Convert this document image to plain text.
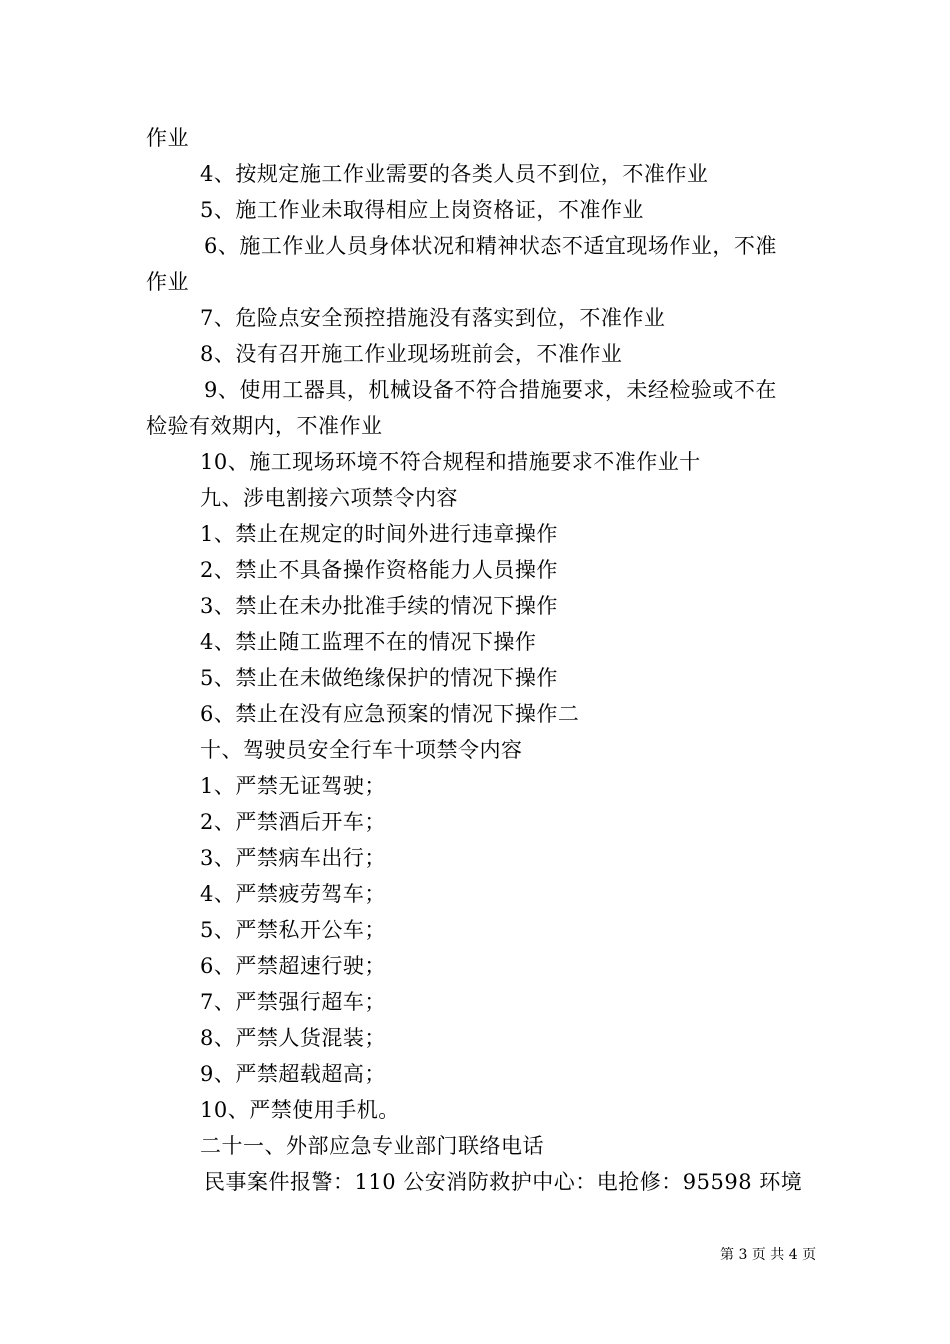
作业
4、按规定施工作业需要的各类人员不到位，不准作业
5、施工作业未取得相应上岗资格证，不准作业
6、施工作业人员身体状况和精神状态不适宜现场作业，不准
作业
7、危险点安全预控措施没有落实到位，不准作业
8、没有召开施工作业现场班前会，不准作业
9、使用工器具，机械设备不符合措施要求，未经检验或不在
检验有效期内，不准作业
10、施工现场环境不符合规程和措施要求不准作业十
九、涉电割接六项禁令内容
1、禁止在规定的时间外进行违章操作
2、禁止不具备操作资格能力人员操作
3、禁止在未办批准手续的情况下操作
4、禁止随工监理不在的情况下操作
5、禁止在未做绝缘保护的情况下操作
6、禁止在没有应急预案的情况下操作二
十、驾驶员安全行车十项禁令内容
1、严禁无证驾驶；
2、严禁酒后开车；
3、严禁病车出行；
4、严禁疲劳驾车；
5、严禁私开公车；
6、严禁超速行驶；
7、严禁强行超车；
8、严禁人货混装；
9、严禁超载超高；
10、严禁使用手机。
二十一、外部应急专业部门联络电话
民事案件报警：110 公安消防救护中心：电抢修：95598 环境
第 3 页 共 4 页
